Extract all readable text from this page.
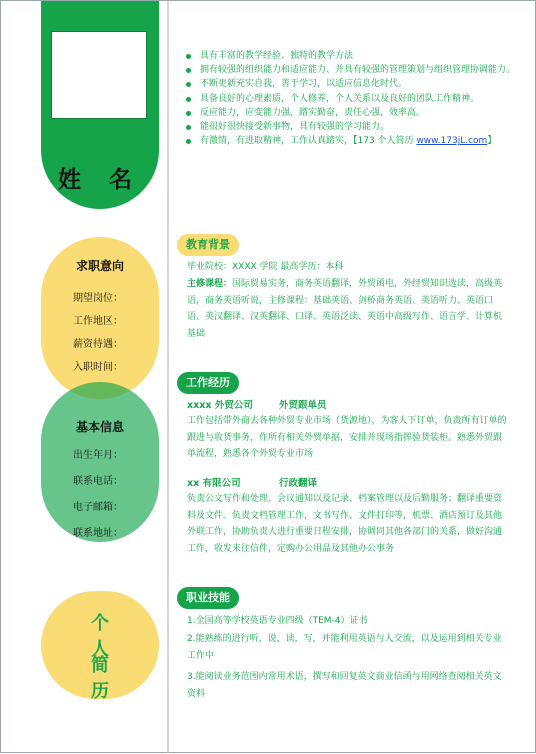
姓 名
求职意向
期望岗位：
工作地区：
薪资待遇：
入职时间：
基本信息
出生年月：
联系电话：
电子邮箱：
联系地址：
个 人
简 历
具有丰富的教学经验、独特的教学方法
拥有较强的组织能力和适应能力、并具有较强的管理策划与组织管理协调能力。
不断更新充实自我，善于学习，以适应信息化时代。
具备良好的心理素质，个人修养，个人关系以及良好的团队工作精神。
反应能力，应变能力强，踏实勤奋，责任心强，效率高。
能很好很快接受新事物，具有较强的学习能力。
有激情，有进取精神，工作认真踏实，【173 个人简历 www.173jL.com】
教育背景
毕业院校：XXXX 学院 最高学历：本科
主修课程：国际贸易实务，商务英语翻译，外贸函电，外经贸知识选读，高级英语，商务英语听说，主修课程：基础英语、剑桥商务英语、英语听力、英语口语、英汉翻译、汉英翻译、口译、英语泛读、英语中高级写作、语言学、计算机基础
工作经历
xxxx 外贸公司	外贸跟单员
工作包括带外商去各种外贸专业市场（货源地），为客人下订单，负责所有订单的跟进与收货事务，作所有相关外贸单据，安排并现场指挥验货装柜。熟悉外贸跟单流程，熟悉各个外贸专业市场
xx 有限公司	行政翻译
负责公文写作和处理、会议通知以及记录、档案管理以及后勤服务；翻译重要资料及文件。负责文档管理工作，文书写作、文件打印等，机票、酒店预订及其他外联工作，协助负责人进行重要日程安排，协调同其他各部门的关系，做好沟通工作，收发来往信件，定购办公用品及其他办公事务
职业技能
1.全国高等学校英语专业四级（TEM-4）证书
2.能熟练的进行听，说，读，写，并能利用英语与人交流，以及运用到相关专业工作中
3.能阅读业务范围内常用术语，撰写和回复英文商业信函与用网络查阅相关英文资料
